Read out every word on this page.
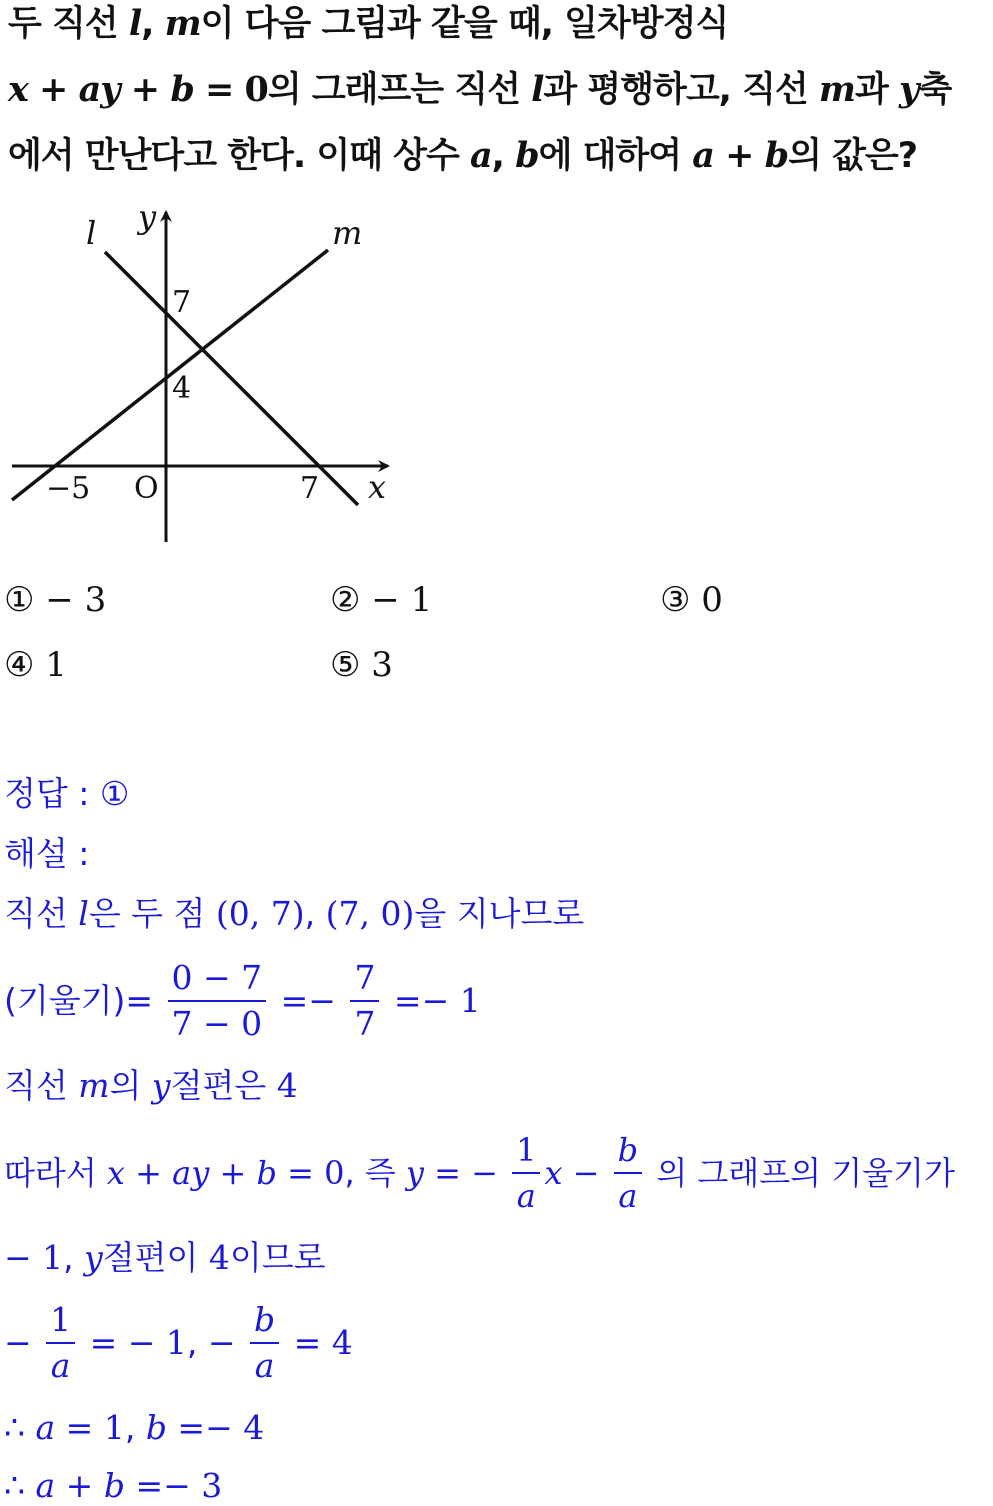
두 직선 l, m이 다음 그림과 같을 때, 일차방정식
x + ay + b = 0의 그래프는 직선 l과 평행하고, 직선 m과 y축
에서 만난다고 한다. 이때 상수 a, b에 대하여 a + b의 값은?
l	m
y
x
7
4
O
−5	7
① − 3	② − 1	③ 0
④ 1	⑤ 3
정답 : ①
해설 :
직선 l은 두 점 (0, 7), (7, 0)을 지나므로
(기울기)= $\frac{0 - 7}{7 - 0} =- \frac{7}{7} =- 1$
직선 m의 y절편은 4
따라서 x + ay + b = 0, 즉 y = − $\frac{1}{a}$ $x - \frac{b}{a}$ 의 그래프의 기울기가
− 1, y절편이 4이므로
− $\frac{1}{a}$ = − 1, − $\frac{b}{a} = 4$
∴ a = 1, b =− 4
∴ a + b =− 3
